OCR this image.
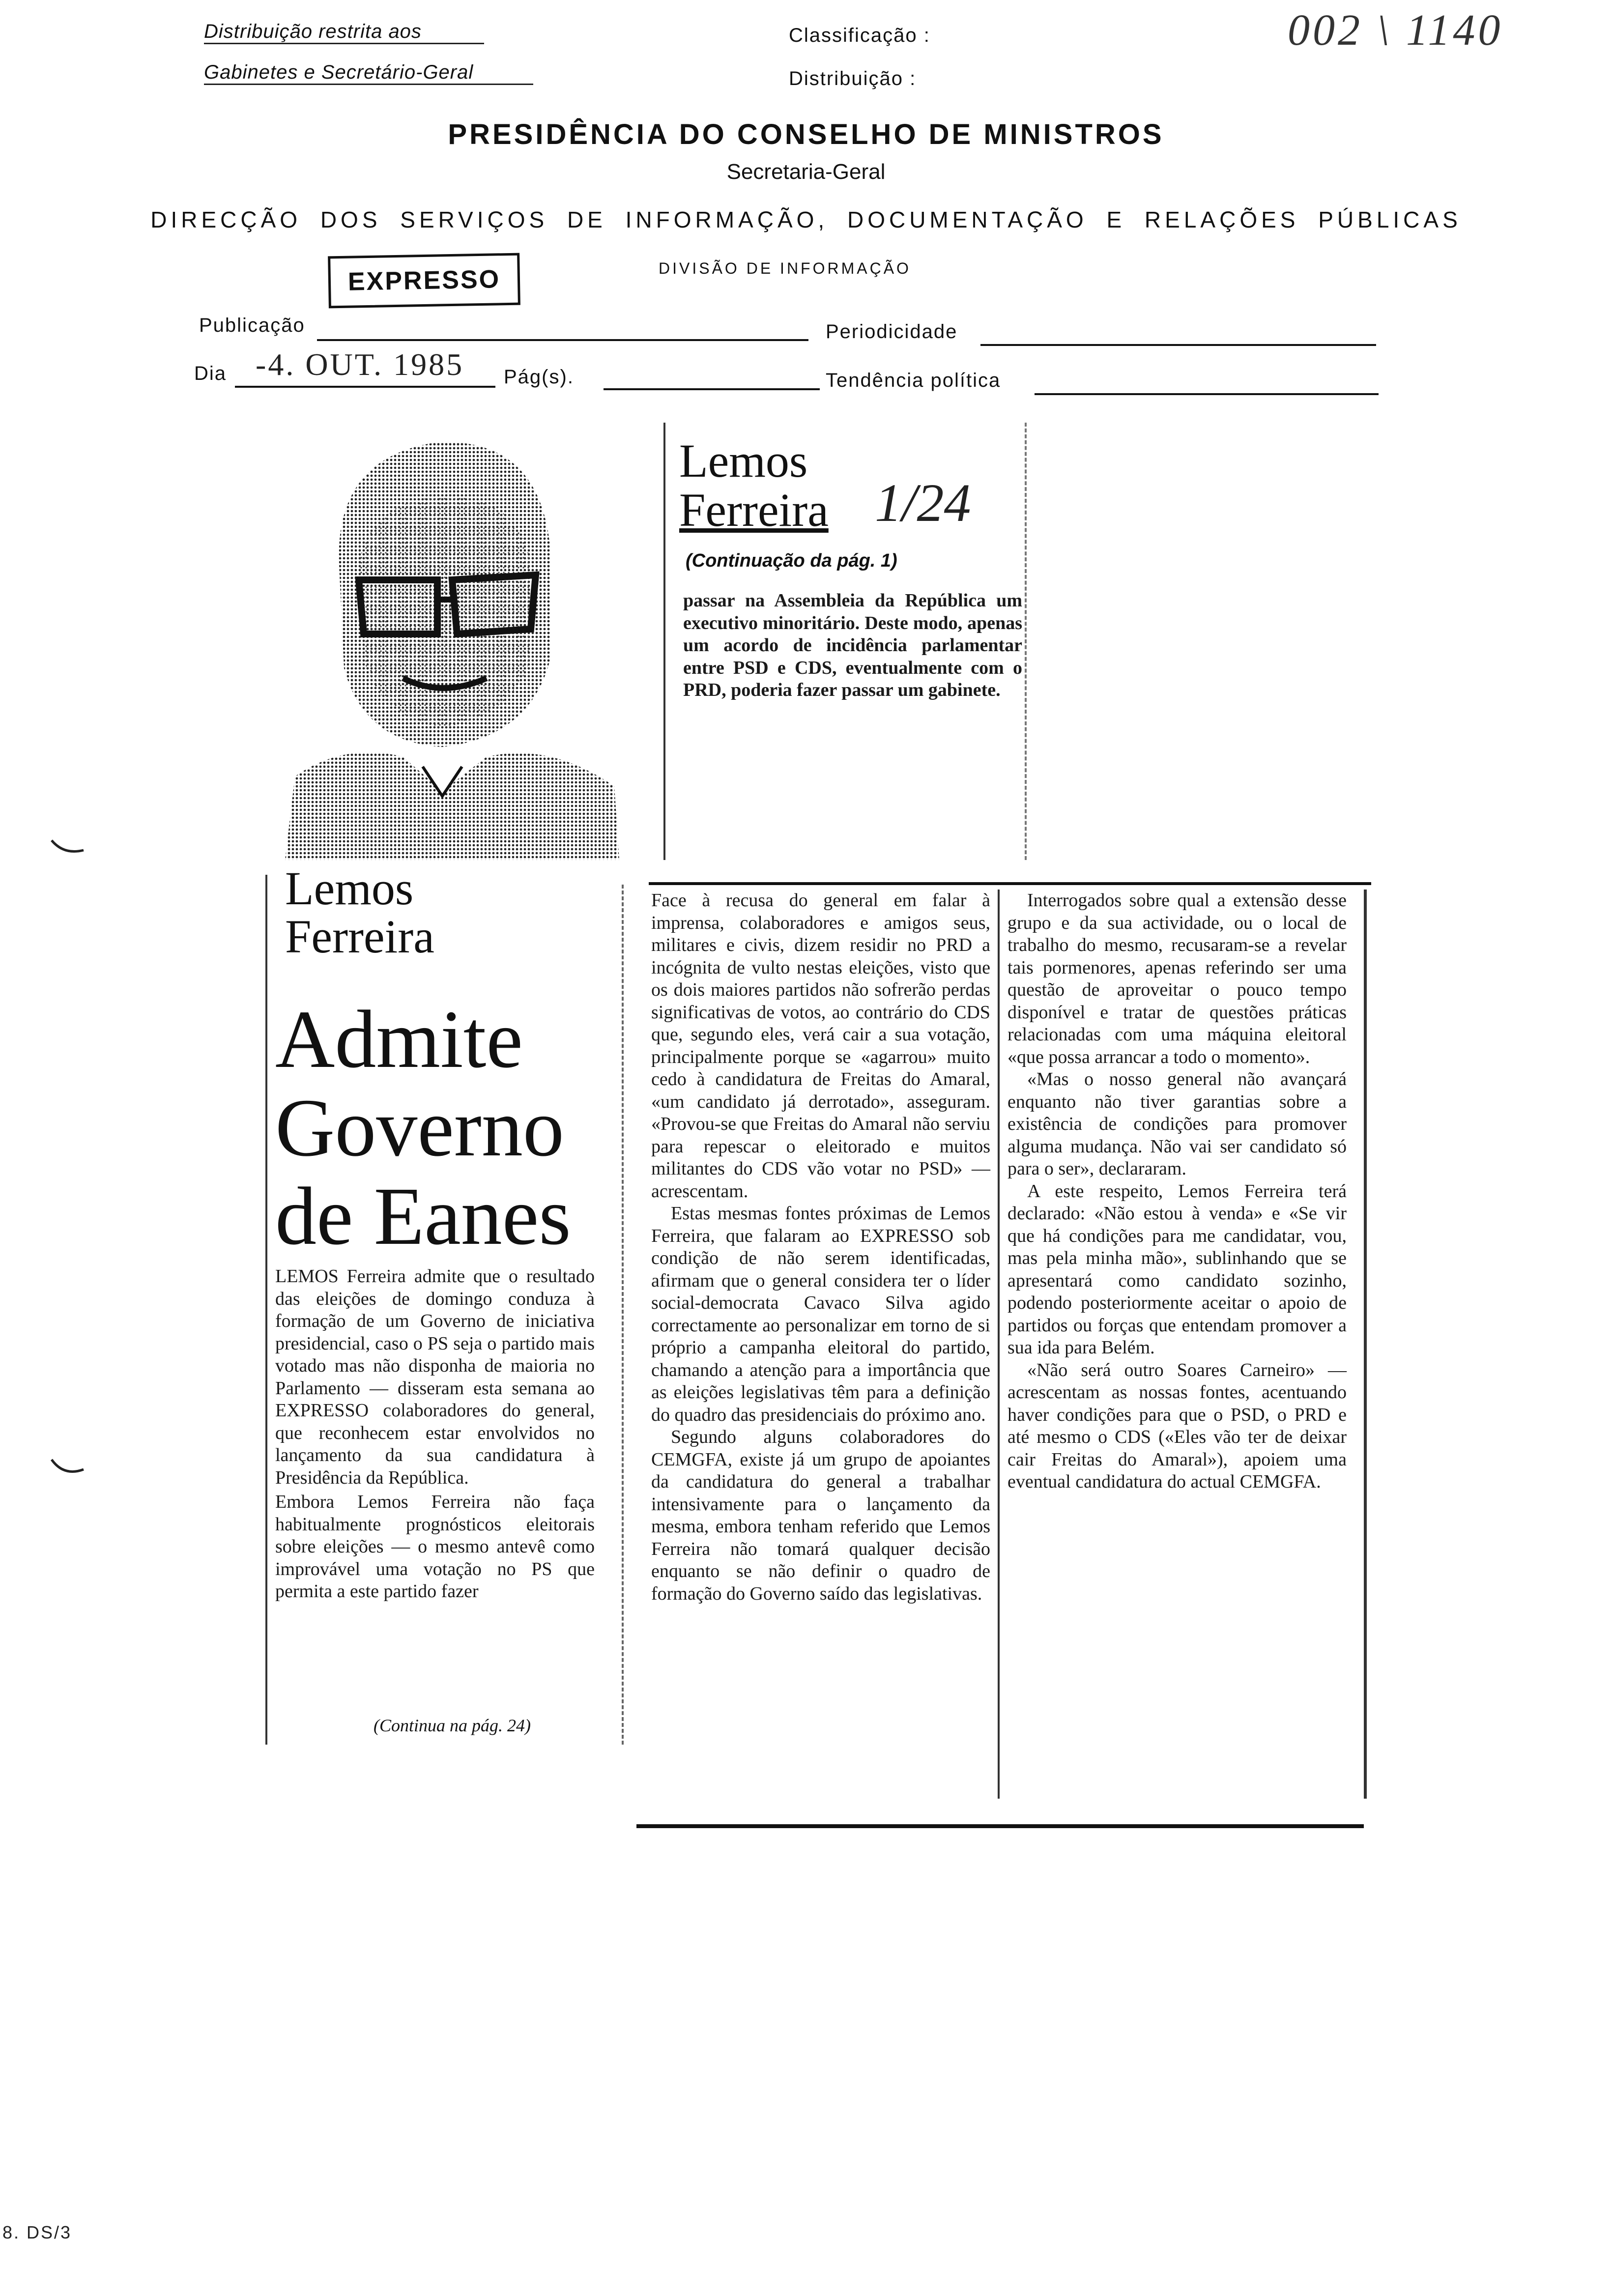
Distribuição restrita aos
Gabinetes e Secretário-Geral
Classificação :
Distribuição :
002 \ 1140
PRESIDÊNCIA DO CONSELHO DE MINISTROS
Secretaria-Geral
DIRECÇÃO DOS SERVIÇOS DE INFORMAÇÃO, DOCUMENTAÇÃO E RELAÇÕES PÚBLICAS
DIVISÃO DE INFORMAÇÃO
EXPRESSO
Publicação	Periodicidade
Dia -4. OUT. 1985 Pág(s).	Tendência política
Lemos
Ferreira
Admite
Governo
de Eanes

LEMOS Ferreira admite que o resultado das eleições de domingo conduza à formação de um Governo de iniciativa presidencial, caso o PS seja o partido mais votado mas não disponha de maioria no Parlamento — disseram esta semana ao EXPRESSO colaboradores do general, que reconhecem estar envolvidos no lançamento da sua candidatura à Presidência da República.

Embora Lemos Ferreira não faça habitualmente prognósticos eleitorais sobre eleições — o mesmo antevê como improvável uma votação no PS que permita a este partido fazer

(Continua na pág. 24)
Lemos
Ferreira 1/24
(Continuação da pág. 1)

passar na Assembleia da República um executivo minoritário. Deste modo, apenas um acordo de incidência parlamentar entre PSD e CDS, eventualmente com o PRD, poderia fazer passar um gabinete.

Face à recusa do general em falar à imprensa, colaboradores e amigos seus, militares e civis, dizem residir no PRD a incógnita de vulto nestas eleições, visto que os dois maiores partidos não sofrerão perdas significativas de votos, ao contrário do CDS que, segundo eles, verá cair a sua votação, principalmente porque se «agarrou» muito cedo à candidatura de Freitas do Amaral, «um candidato já derrotado», asseguram. «Provou-se que Freitas do Amaral não serviu para repescar o eleitorado e muitos militantes do CDS vão votar no PSD» — acrescentam.

Estas mesmas fontes próximas de Lemos Ferreira, que falaram ao EXPRESSO sob condição de não serem identificadas, afirmam que o general considera ter o líder social-democrata Cavaco Silva agido correctamente ao personalizar em torno de si próprio a campanha eleitoral do partido, chamando a atenção para a importância que as eleições legislativas têm para a definição do quadro das presidenciais do próximo ano.

Segundo alguns colaboradores do CEMGFA, existe já um grupo de apoiantes da candidatura do general a trabalhar intensivamente para o lançamento da mesma, embora tenham referido que Lemos Ferreira não tomará qualquer decisão enquanto se não definir o quadro de formação do Governo saído das legislativas.

Interrogados sobre qual a extensão desse grupo e da sua actividade, ou o local de trabalho do mesmo, recusaram-se a revelar tais pormenores, apenas referindo ser uma questão de aproveitar o pouco tempo disponível e tratar de questões práticas relacionadas com uma máquina eleitoral «que possa arrancar a todo o momento».

«Mas o nosso general não avançará enquanto não tiver garantias sobre a existência de condições para promover alguma mudança. Não vai ser candidato só para o ser», declararam.

A este respeito, Lemos Ferreira terá declarado: «Não estou à venda» e «Se vir que há condições para me candidatar, vou, mas pela minha mão», sublinhando que se apresentará como candidato sozinho, podendo posteriormente aceitar o apoio de partidos ou forças que entendam promover a sua ida para Belém.

«Não será outro Soares Carneiro» — acrescentam as nossas fontes, acentuando haver condições para que o PSD, o PRD e até mesmo o CDS («Eles vão ter de deixar cair Freitas do Amaral»), apoiem uma eventual candidatura do actual CEMGFA.

8. DS/3
